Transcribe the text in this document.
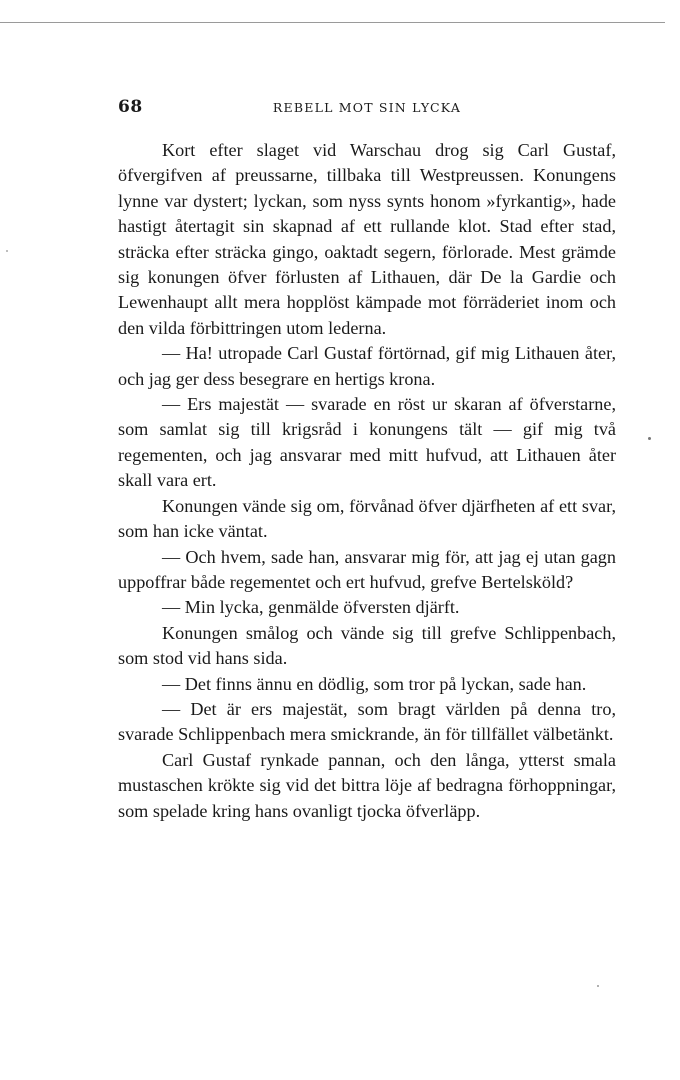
68	REBELL MOT SIN LYCKA

Kort efter slaget vid Warschau drog sig Carl Gustaf, öfvergifven af preussarne, tillbaka till Westpreussen. Konungens lynne var dystert; lyckan, som nyss synts honom »fyrkantig», hade hastigt återtagit sin skapnad af ett rullande klot. Stad efter stad, sträcka efter sträcka gingo, oaktadt segern, förlorade. Mest grämde sig konungen öfver förlusten af Lithauen, där De la Gardie och Lewenhaupt allt mera hopplöst kämpade mot förräderiet inom och den vilda förbittringen utom lederna.

— Ha! utropade Carl Gustaf förtörnad, gif mig Lithauen åter, och jag ger dess besegrare en hertigs krona.

— Ers majestät — svarade en röst ur skaran af öfverstarne, som samlat sig till krigsråd i konungens tält — gif mig två regementen, och jag ansvarar med mitt hufvud, att Lithauen åter skall vara ert.

Konungen vände sig om, förvånad öfver djärfheten af ett svar, som han icke väntat.

— Och hvem, sade han, ansvarar mig för, att jag ej utan gagn uppoffrar både regementet och ert hufvud, grefve Bertelsköld?

— Min lycka, genmälde öfversten djärft.

Konungen smålog och vände sig till grefve Schlippenbach, som stod vid hans sida.

— Det finns ännu en dödlig, som tror på lyckan, sade han.

— Det är ers majestät, som bragt världen på denna tro, svarade Schlippenbach mera smickrande, än för tillfället välbetänkt.

Carl Gustaf rynkade pannan, och den långa, ytterst smala mustaschen krökte sig vid det bittra löje af bedragna förhoppningar, som spelade kring hans ovanligt tjocka öfverläpp.
